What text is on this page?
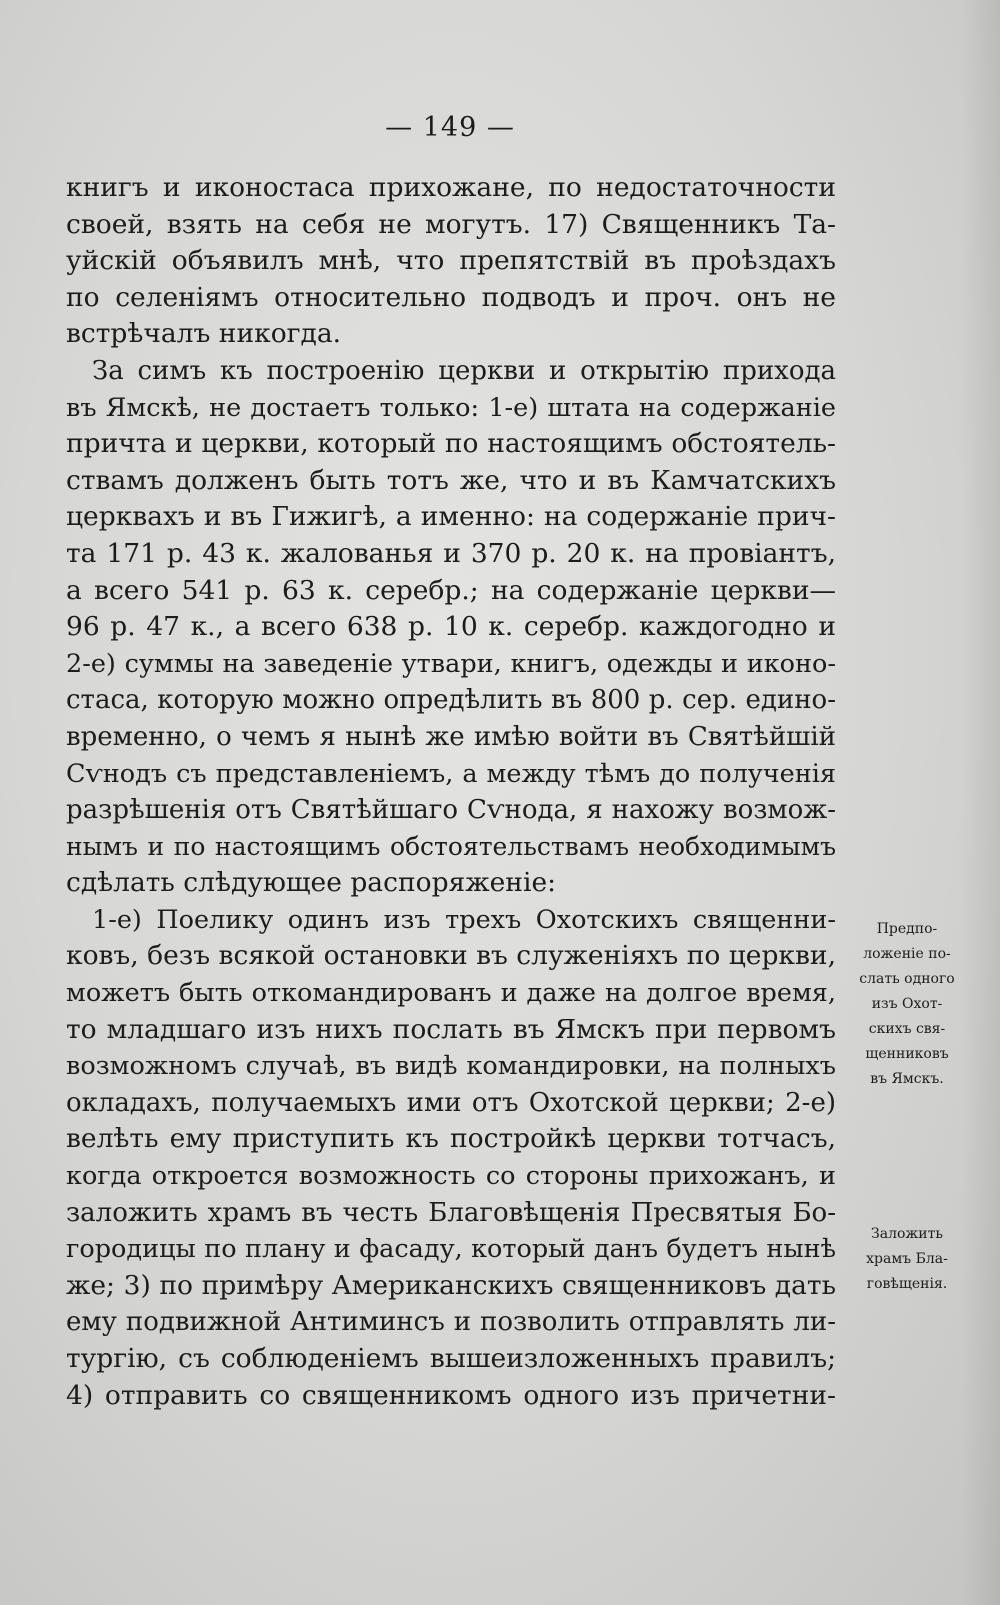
— 149 —
книгъ и иконостаса прихожане, по недостаточности
своей, взять на себя не могутъ. 17) Священникъ Та-
уйскій объявилъ мнѣ, что препятствій въ проѣздахъ
по селеніямъ относительно подводъ и проч. онъ не
встрѣчалъ никогда.
За симъ къ построенію церкви и открытію прихода
въ Ямскѣ, не достаетъ только: 1-е) штата на содержаніе
причта и церкви, который по настоящимъ обстоятель-
ствамъ долженъ быть тотъ же, что и въ Камчатскихъ
церквахъ и въ Гижигѣ, а именно: на содержаніе прич-
та 171 р. 43 к. жалованья и 370 р. 20 к. на провіантъ,
а всего 541 р. 63 к. серебр.; на содержаніе церкви—
96 р. 47 к., а всего 638 р. 10 к. серебр. каждогодно и
2-е) суммы на заведеніе утвари, книгъ, одежды и иконо-
стаса, которую можно опредѣлить въ 800 р. сер. едино-
временно, о чемъ я нынѣ же имѣю войти въ Святѣйшій
Сѵнодъ съ представленіемъ, а между тѣмъ до полученія
разрѣшенія отъ Святѣйшаго Сѵнода, я нахожу возмож-
нымъ и по настоящимъ обстоятельствамъ необходимымъ
сдѣлать слѣдующее распоряженіе:
1-е) Поелику одинъ изъ трехъ Охотскихъ священни-
ковъ, безъ всякой остановки въ служеніяхъ по церкви,
можетъ быть откомандированъ и даже на долгое время,
то младшаго изъ нихъ послать въ Ямскъ при первомъ
возможномъ случаѣ, въ видѣ командировки, на полныхъ
окладахъ, получаемыхъ ими отъ Охотской церкви; 2-е)
велѣть ему приступить къ постройкѣ церкви тотчасъ,
когда откроется возможность со стороны прихожанъ, и
заложить храмъ въ честь Благовѣщенія Пресвятыя Бо-
городицы по плану и фасаду, который данъ будетъ нынѣ
же; 3) по примѣру Американскихъ священниковъ дать
ему подвижной Антиминсъ и позволить отправлять ли-
тургію, съ соблюденіемъ вышеизложенныхъ правилъ;
4) отправить со священникомъ одного изъ причетни-
Предпо-
ложеніе по-
слать одного
изъ Охот-
скихъ свя-
щенниковъ
въ Ямскъ.
Заложить
храмъ Бла-
говѣщенія.
